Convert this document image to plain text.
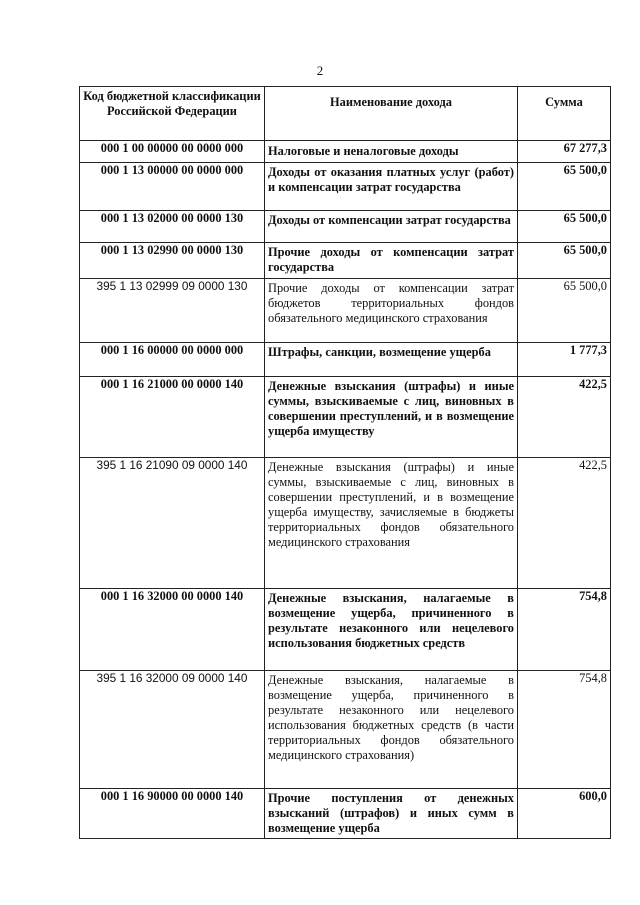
2
Код бюджетной классификации Российской Федерации	Наименование дохода	Сумма
000 1 00 00000 00 0000 000	Налоговые и неналоговые доходы	67 277,3
000 1 13 00000 00 0000 000	Доходы от оказания платных услуг (работ) и компенсации затрат государства	65 500,0
000 1 13 02000 00 0000 130	Доходы от компенсации затрат государства	65 500,0
000 1 13 02990 00 0000 130	Прочие доходы от компенсации затрат государства	65 500,0
395 1 13 02999 09 0000 130	Прочие доходы от компенсации затрат бюджетов территориальных фондов обязательного медицинского страхования	65 500,0
000 1 16 00000 00 0000 000	Штрафы, санкции, возмещение ущерба	1 777,3
000 1 16 21000 00 0000 140	Денежные взыскания (штрафы) и иные суммы, взыскиваемые с лиц, виновных в совершении преступлений, и в возмещение ущерба имуществу	422,5
395 1 16 21090 09 0000 140	Денежные взыскания (штрафы) и иные суммы, взыскиваемые с лиц, виновных в совершении преступлений, и в возмещение ущерба имуществу, зачисляемые в бюджеты территориальных фондов обязательного медицинского страхования	422,5
000 1 16 32000 00 0000 140	Денежные взыскания, налагаемые в возмещение ущерба, причиненного в результате незаконного или нецелевого использования бюджетных средств	754,8
395 1 16 32000 09 0000 140	Денежные взыскания, налагаемые в возмещение ущерба, причиненного в результате незаконного или нецелевого использования бюджетных средств (в части территориальных фондов обязательного медицинского страхования)	754,8
000 1 16 90000 00 0000 140	Прочие поступления от денежных взысканий (штрафов) и иных сумм в возмещение ущерба	600,0
